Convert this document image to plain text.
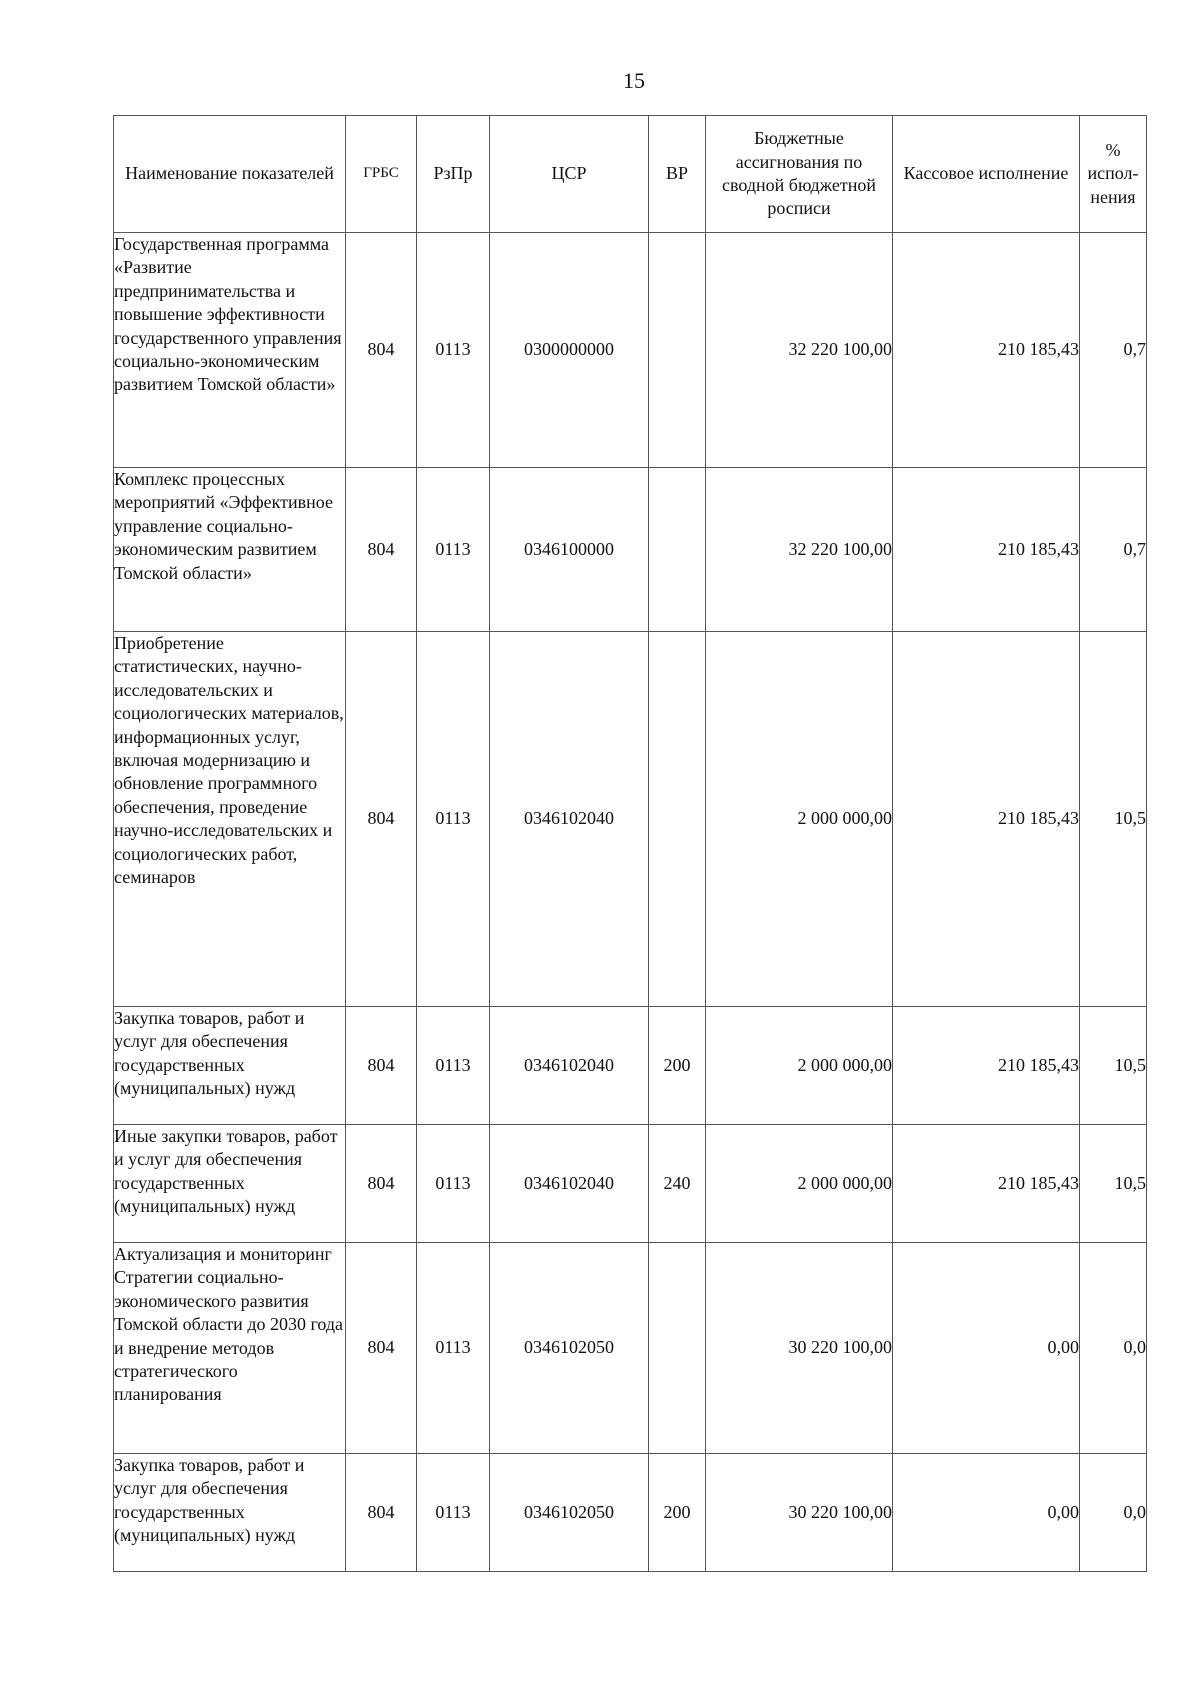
15
Наименование показателей	ГРБС	РзПр	ЦСР	ВР	Бюджетные ассигнования по сводной бюджетной росписи	Кассовое исполнение	% испол-нения
Государственная программа «Развитие предпринимательства и повышение эффективности государственного управления социально-экономическим развитием Томской области»	804	0113	0300000000		32 220 100,00	210 185,43	0,7
Комплекс процессных мероприятий «Эффективное управление социально-экономическим развитием Томской области»	804	0113	0346100000		32 220 100,00	210 185,43	0,7
Приобретение статистических, научно-исследовательских и социологических материалов, информационных услуг, включая модернизацию и обновление программного обеспечения, проведение научно-исследовательских и социологических работ, семинаров	804	0113	0346102040		2 000 000,00	210 185,43	10,5
Закупка товаров, работ и услуг для обеспечения государственных (муниципальных) нужд	804	0113	0346102040	200	2 000 000,00	210 185,43	10,5
Иные закупки товаров, работ и услуг для обеспечения государственных (муниципальных) нужд	804	0113	0346102040	240	2 000 000,00	210 185,43	10,5
Актуализация и мониторинг Стратегии социально-экономического развития Томской области до 2030 года и внедрение методов стратегического планирования	804	0113	0346102050		30 220 100,00	0,00	0,0
Закупка товаров, работ и услуг для обеспечения государственных (муниципальных) нужд	804	0113	0346102050	200	30 220 100,00	0,00	0,0
